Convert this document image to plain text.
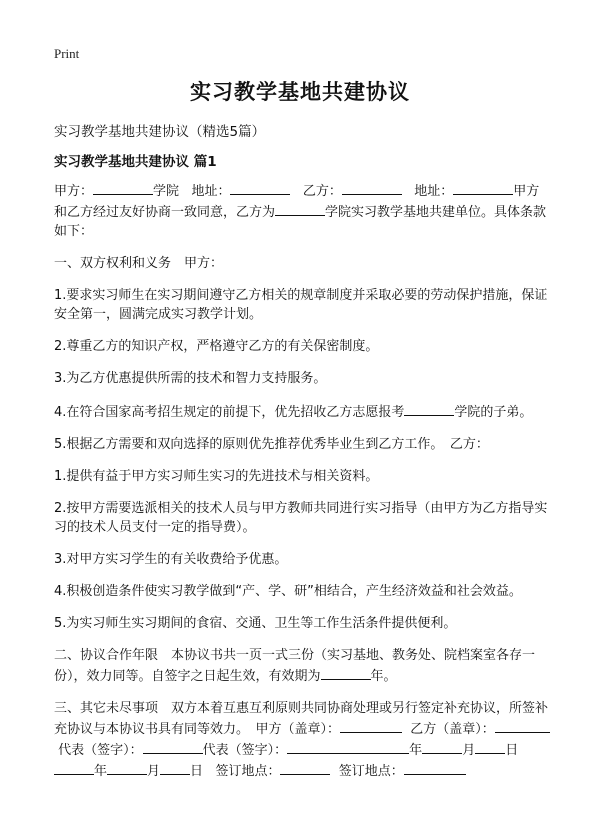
Print
实习教学基地共建协议
实习教学基地共建协议（精选5篇）
实习教学基地共建协议 篇1

甲方：	学院 地址：	乙方：	地址：	甲方和乙方经过友好协商一致同意，乙方为	学院实习教学基地共建单位。具体条款如下：

一、双方权利和义务　甲方：

1.要求实习师生在实习期间遵守乙方相关的规章制度并采取必要的劳动保护措施，保证安全第一，圆满完成实习教学计划。

2.尊重乙方的知识产权，严格遵守乙方的有关保密制度。

3.为乙方优惠提供所需的技术和智力支持服务。

4.在符合国家高考招生规定的前提下，优先招收乙方志愿报考	学院的子弟。

5.根据乙方需要和双向选择的原则优先推荐优秀毕业生到乙方工作。　乙方：

1.提供有益于甲方实习师生实习的先进技术与相关资料。

2.按甲方需要选派相关的技术人员与甲方教师共同进行实习指导（由甲方为乙方指导实习的技术人员支付一定的指导费）。

3.对甲方实习学生的有关收费给予优惠。

4.积极创造条件使实习教学做到“产、学、研”相结合，产生经济效益和社会效益。

5.为实习师生实习期间的食宿、交通、卫生等工作生活条件提供便利。

二、协议合作年限　本协议书共一页一式三份（实习基地、教务处、院档案室各存一份），效力同等。自签字之日起生效，有效期为	年。

三、其它未尽事项　双方本着互惠互利原则共同协商处理或另行签定补充协议，所签补充协议与本协议书具有同等效力。　甲方（盖章）：	乙方（盖章）： 代表（签字）：	代表（签字）：	年	月 日 年	月 日 签订地点：	签订地点：
